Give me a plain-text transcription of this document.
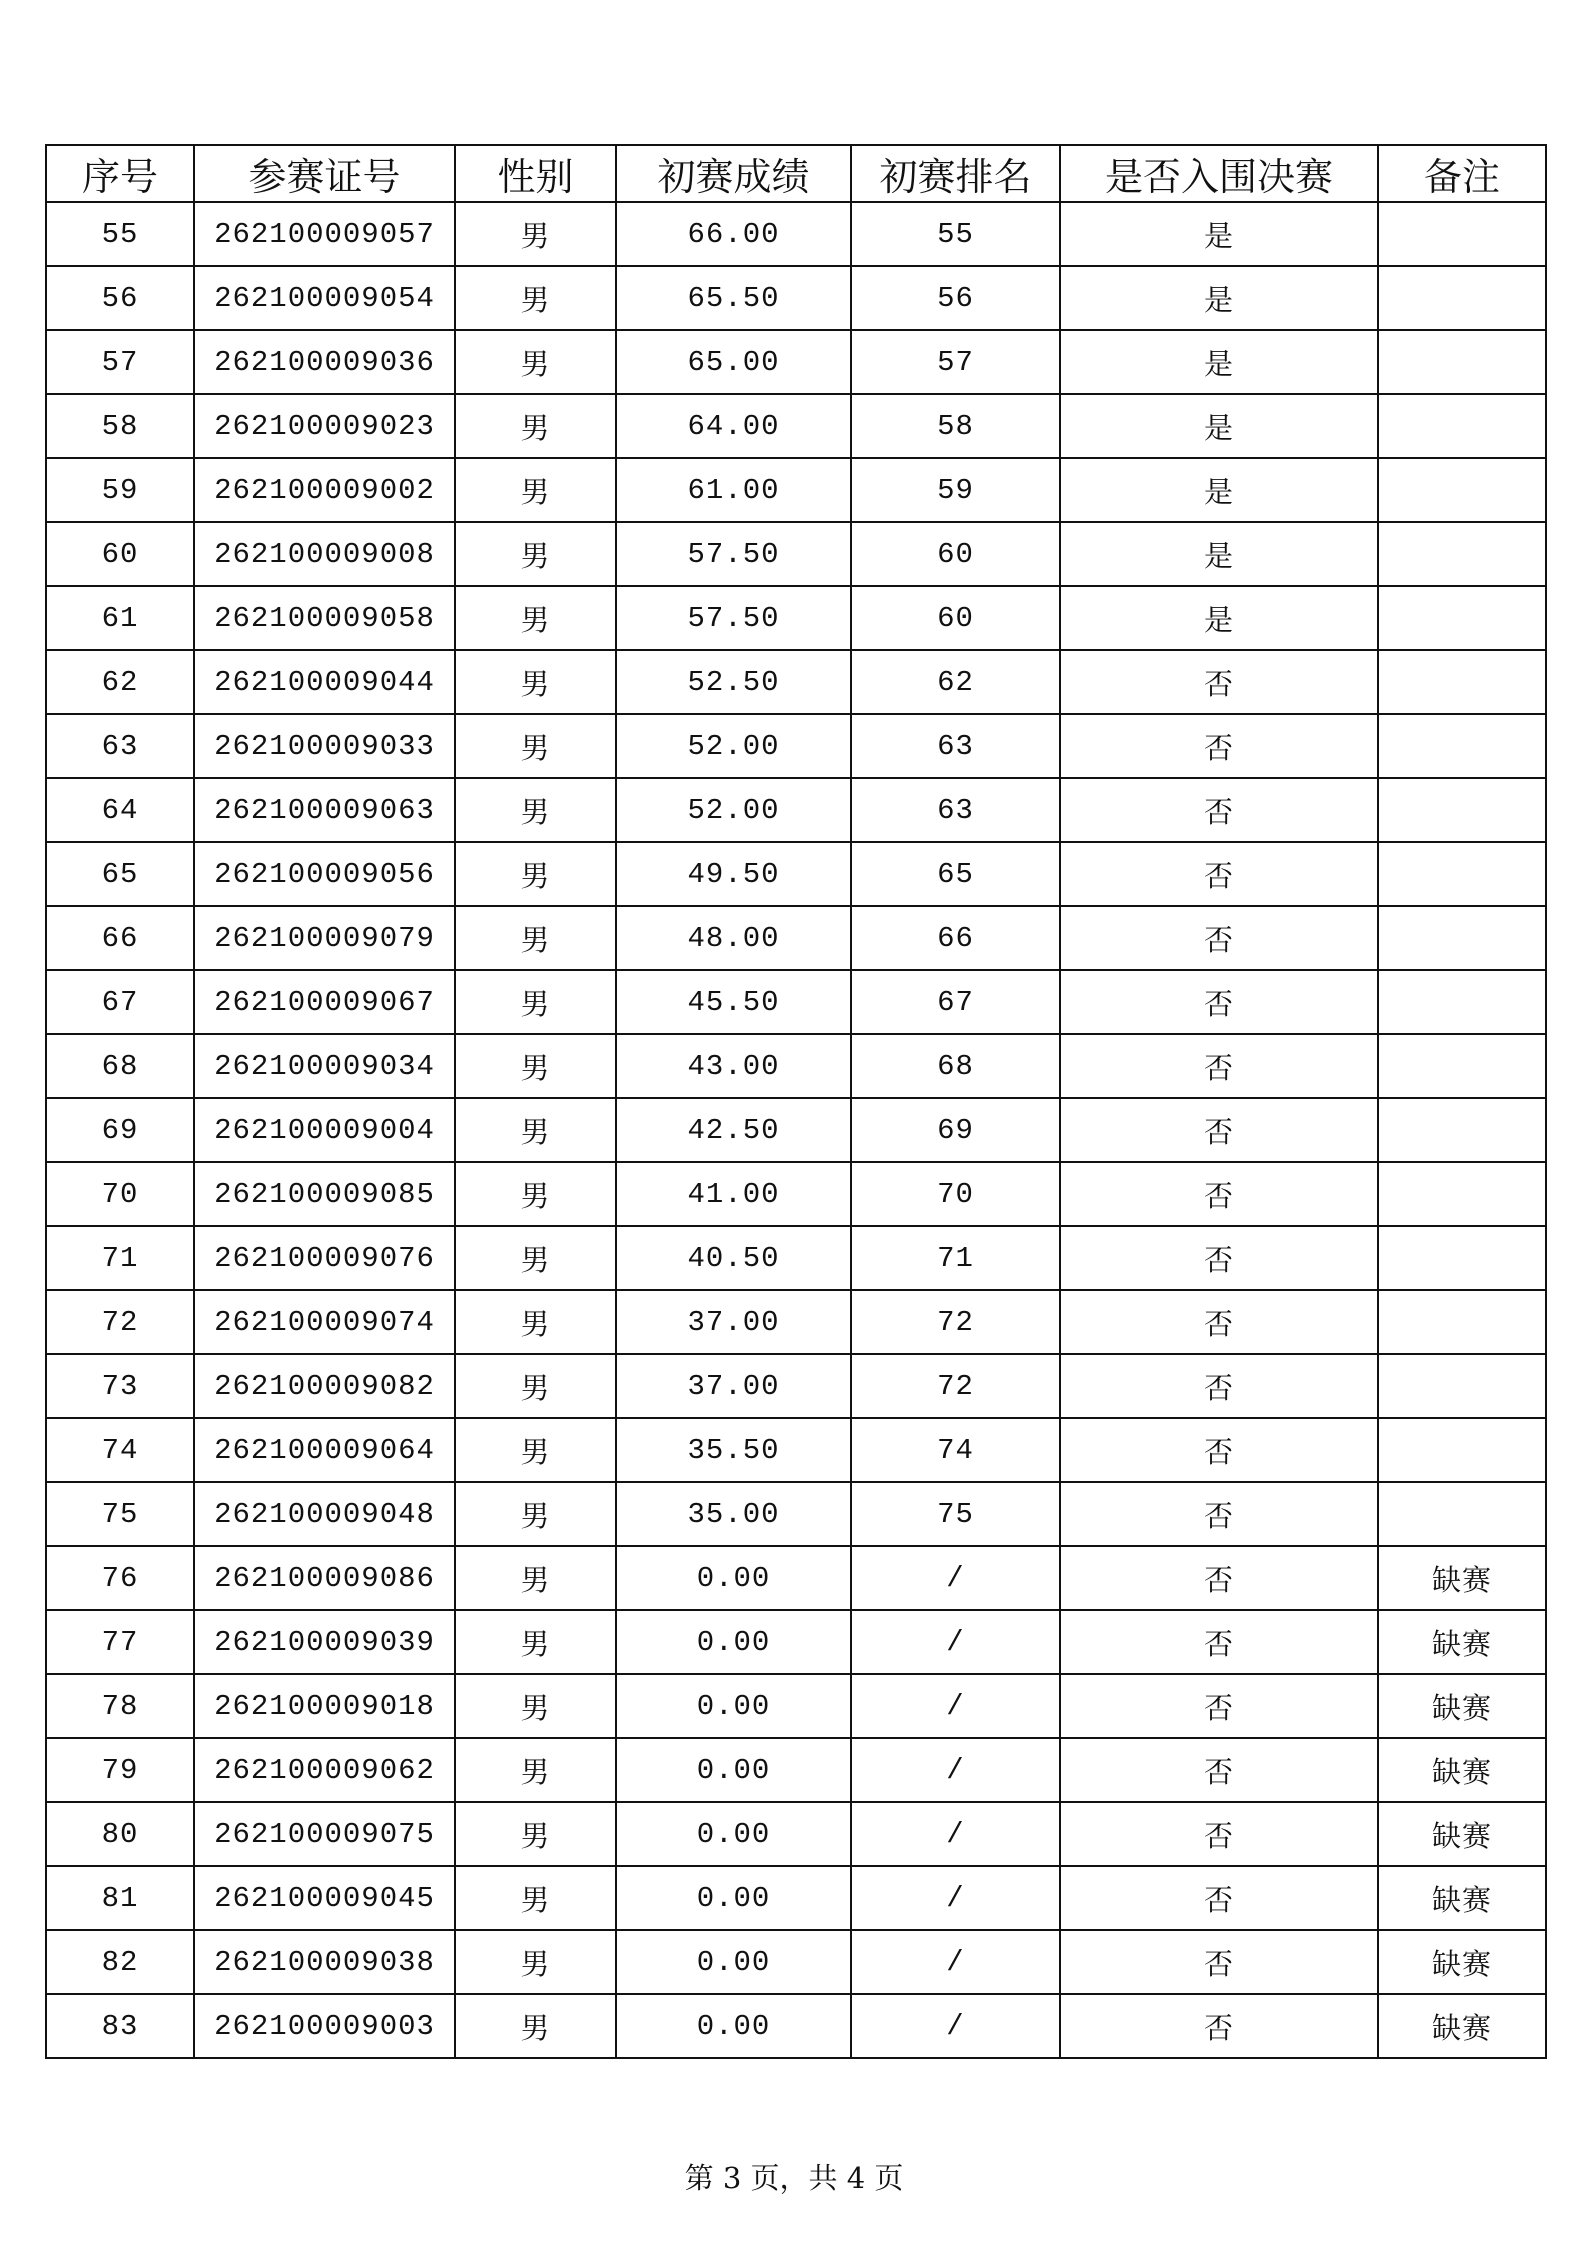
序号	参赛证号	性别	初赛成绩	初赛排名	是否入围决赛	备注
55	262100009057	男	66.00	55	是	
56	262100009054	男	65.50	56	是	
57	262100009036	男	65.00	57	是	
58	262100009023	男	64.00	58	是	
59	262100009002	男	61.00	59	是	
60	262100009008	男	57.50	60	是	
61	262100009058	男	57.50	60	是	
62	262100009044	男	52.50	62	否	
63	262100009033	男	52.00	63	否	
64	262100009063	男	52.00	63	否	
65	262100009056	男	49.50	65	否	
66	262100009079	男	48.00	66	否	
67	262100009067	男	45.50	67	否	
68	262100009034	男	43.00	68	否	
69	262100009004	男	42.50	69	否	
70	262100009085	男	41.00	70	否	
71	262100009076	男	40.50	71	否	
72	262100009074	男	37.00	72	否	
73	262100009082	男	37.00	72	否	
74	262100009064	男	35.50	74	否	
75	262100009048	男	35.00	75	否	
76	262100009086	男	0.00	/	否	缺赛
77	262100009039	男	0.00	/	否	缺赛
78	262100009018	男	0.00	/	否	缺赛
79	262100009062	男	0.00	/	否	缺赛
80	262100009075	男	0.00	/	否	缺赛
81	262100009045	男	0.00	/	否	缺赛
82	262100009038	男	0.00	/	否	缺赛
83	262100009003	男	0.00	/	否	缺赛
第 3 页，共 4 页
